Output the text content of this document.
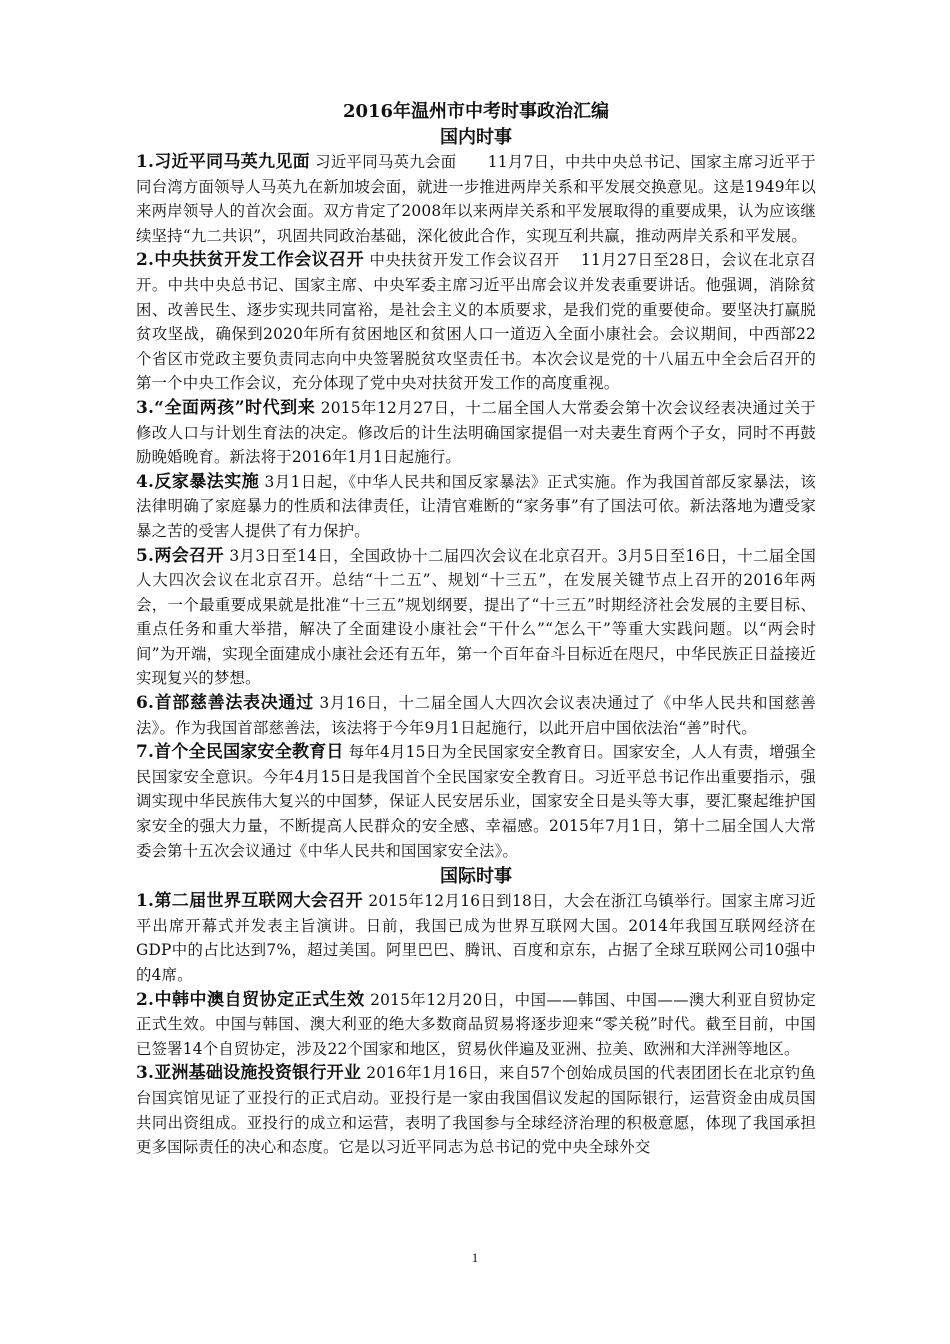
2016年温州市中考时事政治汇编
国内时事
1.习近平同马英九见面 习近平同马英九会面　　11月7日，中共中央总书记、国家主席习近平于同台湾方面领导人马英九在新加坡会面，就进一步推进两岸关系和平发展交换意见。这是1949年以来两岸领导人的首次会面。双方肯定了2008年以来两岸关系和平发展取得的重要成果，认为应该继续坚持“九二共识”，巩固共同政治基础，深化彼此合作，实现互利共赢，推动两岸关系和平发展。
2.中央扶贫开发工作会议召开 中央扶贫开发工作会议召开　 11月27日至28日，会议在北京召开。中共中央总书记、国家主席、中央军委主席习近平出席会议并发表重要讲话。他强调，消除贫困、改善民生、逐步实现共同富裕，是社会主义的本质要求，是我们党的重要使命。要坚决打赢脱贫攻坚战，确保到2020年所有贫困地区和贫困人口一道迈入全面小康社会。会议期间，中西部22个省区市党政主要负责同志向中央签署脱贫攻坚责任书。本次会议是党的十八届五中全会后召开的第一个中央工作会议，充分体现了党中央对扶贫开发工作的高度重视。
3.“全面两孩”时代到来 2015年12月27日，十二届全国人大常委会第十次会议经表决通过关于修改人口与计划生育法的决定。修改后的计生法明确国家提倡一对夫妻生育两个子女，同时不再鼓励晚婚晚育。新法将于2016年1月1日起施行。
4.反家暴法实施 3月1日起，《中华人民共和国反家暴法》正式实施。作为我国首部反家暴法，该法律明确了家庭暴力的性质和法律责任，让清官难断的“家务事”有了国法可依。新法落地为遭受家暴之苦的受害人提供了有力保护。
5.两会召开 3月3日至14日，全国政协十二届四次会议在北京召开。3月5日至16日，十二届全国人大四次会议在北京召开。总结“十二五”、规划“十三五”，在发展关键节点上召开的2016年两会，一个最重要成果就是批准“十三五”规划纲要，提出了“十三五”时期经济社会发展的主要目标、重点任务和重大举措，解决了全面建设小康社会“干什么”“怎么干”等重大实践问题。以“两会时间”为开端，实现全面建成小康社会还有五年，第一个百年奋斗目标近在咫尺，中华民族正日益接近实现复兴的梦想。
6.首部慈善法表决通过 3月16日，十二届全国人大四次会议表决通过了《中华人民共和国慈善法》。作为我国首部慈善法，该法将于今年9月1日起施行，以此开启中国依法治“善”时代。
7.首个全民国家安全教育日 每年4月15日为全民国家安全教育日。国家安全，人人有责，增强全民国家安全意识。今年4月15日是我国首个全民国家安全教育日。习近平总书记作出重要指示，强调实现中华民族伟大复兴的中国梦，保证人民安居乐业，国家安全日是头等大事，要汇聚起维护国家安全的强大力量，不断提高人民群众的安全感、幸福感。2015年7月1日，第十二届全国人大常委会第十五次会议通过《中华人民共和国国家安全法》。
国际时事
1.第二届世界互联网大会召开 2015年12月16日到18日，大会在浙江乌镇举行。国家主席习近平出席开幕式并发表主旨演讲。日前，我国已成为世界互联网大国。2014年我国互联网经济在GDP中的占比达到7%，超过美国。阿里巴巴、腾讯、百度和京东，占据了全球互联网公司10强中的4席。
2.中韩中澳自贸协定正式生效 2015年12月20日，中国——韩国、中国——澳大利亚自贸协定正式生效。中国与韩国、澳大利亚的绝大多数商品贸易将逐步迎来“零关税”时代。截至目前，中国已签署14个自贸协定，涉及22个国家和地区，贸易伙伴遍及亚洲、拉美、欧洲和大洋洲等地区。
3.亚洲基础设施投资银行开业 2016年1月16日，来自57个创始成员国的代表团团长在北京钓鱼台国宾馆见证了亚投行的正式启动。亚投行是一家由我国倡议发起的国际银行，运营资金由成员国共同出资组成。亚投行的成立和运营，表明了我国参与全球经济治理的积极意愿，体现了我国承担更多国际责任的决心和态度。它是以习近平同志为总书记的党中央全球外交
1
